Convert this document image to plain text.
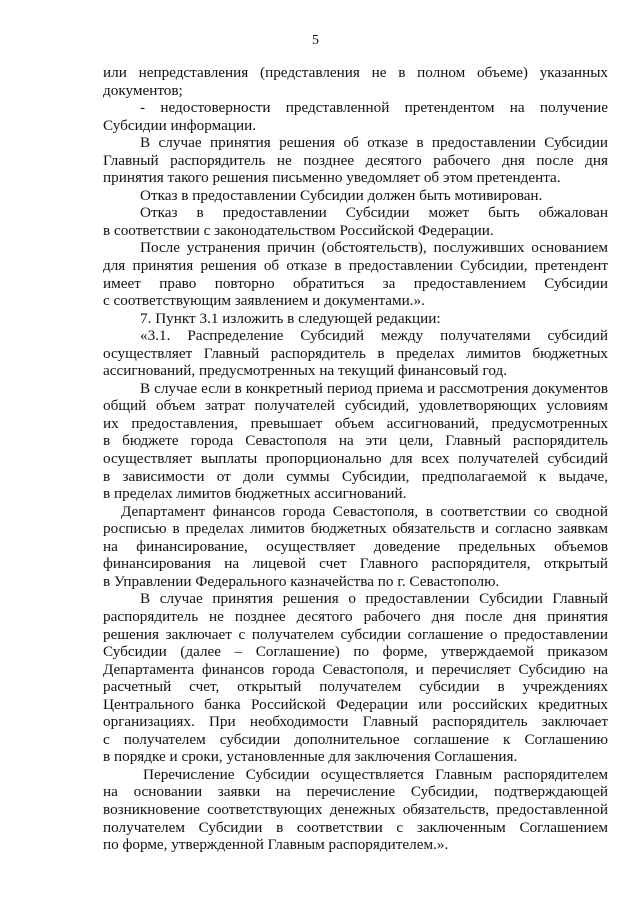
5
или непредставления (представления не в полном объеме) указанных
документов;
- недостоверности представленной претендентом на получение
Субсидии информации.
В случае принятия решения об отказе в предоставлении Субсидии
Главный распорядитель не позднее десятого рабочего дня после дня
принятия такого решения письменно уведомляет об этом претендента.
Отказ в предоставлении Субсидии должен быть мотивирован.
Отказ в предоставлении Субсидии может быть обжалован
в соответствии с законодательством Российской Федерации.
После устранения причин (обстоятельств), послуживших основанием
для принятия решения об отказе в предоставлении Субсидии, претендент
имеет право повторно обратиться за предоставлением Субсидии
с соответствующим заявлением и документами.».
7. Пункт 3.1 изложить в следующей редакции:
«3.1. Распределение Субсидий между получателями субсидий
осуществляет Главный распорядитель в пределах лимитов бюджетных
ассигнований, предусмотренных на текущий финансовый год.
В случае если в конкретный период приема и рассмотрения документов
общий объем затрат получателей субсидий, удовлетворяющих условиям
их предоставления, превышает объем ассигнований, предусмотренных
в бюджете города Севастополя на эти цели, Главный распорядитель
осуществляет выплаты пропорционально для всех получателей субсидий
в зависимости от доли суммы Субсидии, предполагаемой к выдаче,
в пределах лимитов бюджетных ассигнований.
Департамент финансов города Севастополя, в соответствии со сводной
росписью в пределах лимитов бюджетных обязательств и согласно заявкам
на финансирование, осуществляет доведение предельных объемов
финансирования на лицевой счет Главного распорядителя, открытый
в Управлении Федерального казначейства по г. Севастополю.
В случае принятия решения о предоставлении Субсидии Главный
распорядитель не позднее десятого рабочего дня после дня принятия
решения заключает с получателем субсидии соглашение о предоставлении
Субсидии (далее – Соглашение) по форме, утверждаемой приказом
Департамента финансов города Севастополя, и перечисляет Субсидию на
расчетный счет, открытый получателем субсидии в учреждениях
Центрального банка Российской Федерации или российских кредитных
организациях. При необходимости Главный распорядитель заключает
с получателем субсидии дополнительное соглашение к Соглашению
в порядке и сроки, установленные для заключения Соглашения.
Перечисление Субсидии осуществляется Главным распорядителем
на основании заявки на перечисление Субсидии, подтверждающей
возникновение соответствующих денежных обязательств, предоставленной
получателем Субсидии в соответствии с заключенным Соглашением
по форме, утвержденной Главным распорядителем.».
